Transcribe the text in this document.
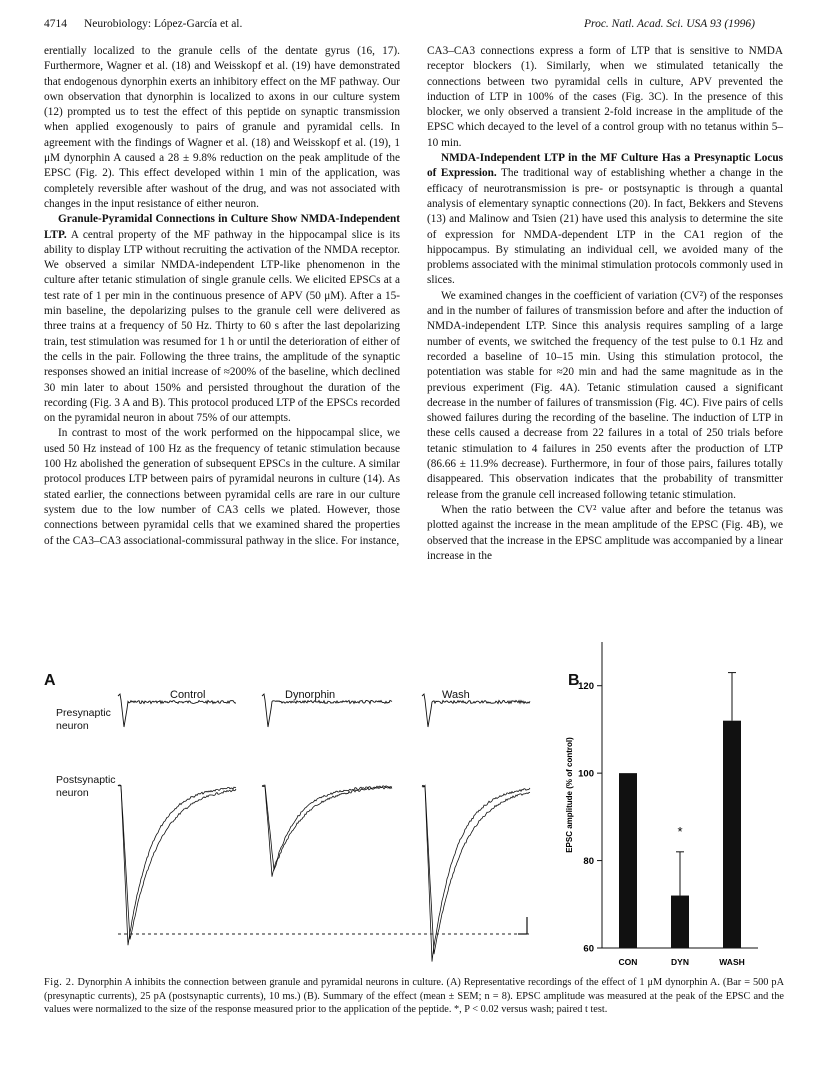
4714 Neurobiology: López-García et al.	Proc. Natl. Acad. Sci. USA 93 (1996)

erentially localized to the granule cells of the dentate gyrus (16, 17). Furthermore, Wagner et al. (18) and Weisskopf et al. (19) have demonstrated that endogenous dynorphin exerts an inhibitory effect on the MF pathway. Our own observation that dynorphin is localized to axons in our culture system (12) prompted us to test the effect of this peptide on synaptic transmission when applied exogenously to pairs of granule and pyramidal cells. In agreement with the findings of Wagner et al. (18) and Weisskopf et al. (19), 1 μM dynorphin A caused a 28 ± 9.8% reduction on the peak amplitude of the EPSC (Fig. 2). This effect developed within 1 min of the application, was completely reversible after washout of the drug, and was not associated with changes in the input resistance of either neuron.

Granule-Pyramidal Connections in Culture Show NMDA-Independent LTP. A central property of the MF pathway in the hippocampal slice is its ability to display LTP without recruiting the activation of the NMDA receptor. We observed a similar NMDA-independent LTP-like phenomenon in the culture after tetanic stimulation of single granule cells. We elicited EPSCs at a test rate of 1 per min in the continuous presence of APV (50 μM). After a 15-min baseline, the depolarizing pulses to the granule cell were delivered as three trains at a frequency of 50 Hz. Thirty to 60 s after the last depolarizing train, test stimulation was resumed for 1 h or until the deterioration of either of the cells in the pair. Following the three trains, the amplitude of the synaptic responses showed an initial increase of ≈200% of the baseline, which declined 30 min later to about 150% and persisted throughout the duration of the recording (Fig. 3 A and B). This protocol produced LTP of the EPSCs recorded on the pyramidal neuron in about 75% of our attempts.

In contrast to most of the work performed on the hippocampal slice, we used 50 Hz instead of 100 Hz as the frequency of tetanic stimulation because 100 Hz abolished the generation of subsequent EPSCs in the culture. A similar protocol produces LTP between pairs of pyramidal neurons in culture (14). As stated earlier, the connections between pyramidal cells are rare in our culture system due to the low number of CA3 cells we plated. However, those connections between pyramidal cells that we examined shared the properties of the CA3–CA3 associational-commissural pathway in the slice. For instance,

CA3–CA3 connections express a form of LTP that is sensitive to NMDA receptor blockers (1). Similarly, when we stimulated tetanically the connections between two pyramidal cells in culture, APV prevented the induction of LTP in 100% of the cases (Fig. 3C). In the presence of this blocker, we only observed a transient 2-fold increase in the amplitude of the EPSC which decayed to the level of a control group with no tetanus within 5–10 min.

NMDA-Independent LTP in the MF Culture Has a Presynaptic Locus of Expression. The traditional way of establishing whether a change in the efficacy of neurotransmission is pre- or postsynaptic is through a quantal analysis of elementary synaptic connections (20). In fact, Bekkers and Stevens (13) and Malinow and Tsien (21) have used this analysis to determine the site of expression for NMDA-dependent LTP in the CA1 region of the hippocampus. By stimulating an individual cell, we avoided many of the problems associated with the minimal stimulation protocols commonly used in slices.

We examined changes in the coefficient of variation (CV²) of the responses and in the number of failures of transmission before and after the induction of NMDA-independent LTP. Since this analysis requires sampling of a large number of events, we switched the frequency of the test pulse to 0.1 Hz and recorded a baseline of 10–15 min. Using this stimulation protocol, the potentiation was stable for ≈20 min and had the same magnitude as in the previous experiment (Fig. 4A). Tetanic stimulation caused a significant decrease in the number of failures of transmission (Fig. 4C). Five pairs of cells showed failures during the recording of the baseline. The induction of LTP in these cells caused a decrease from 22 failures in a total of 250 trials before tetanic stimulation to 4 failures in 250 events after the production of LTP (86.66 ± 11.9% decrease). Furthermore, in four of those pairs, failures totally disappeared. This observation indicates that the probability of transmitter release from the granule cell increased following tetanic stimulation.

When the ratio between the CV² value after and before the tetanus was plotted against the increase in the mean amplitude of the EPSC (Fig. 4B), we observed that the increase in the EPSC amplitude was accompanied by a linear increase in the

A	B
Control	Dynorphin	Wash
Presynaptic neuron
Postsynaptic neuron
60
80
100
120
EPSC amplitude (% of control)
CON
*
DYN	WASH
Fig. 2. Dynorphin A inhibits the connection between granule and pyramidal neurons in culture. (A) Representative recordings of the effect of 1 μM dynorphin A. (Bar = 500 pA (presynaptic currents), 25 pA (postsynaptic currents), 10 ms.) (B). Summary of the effect (mean ± SEM; n = 8). EPSC amplitude was measured at the peak of the EPSC and the values were normalized to the size of the response measured prior to the application of the peptide. *, P < 0.02 versus wash; paired t test.
